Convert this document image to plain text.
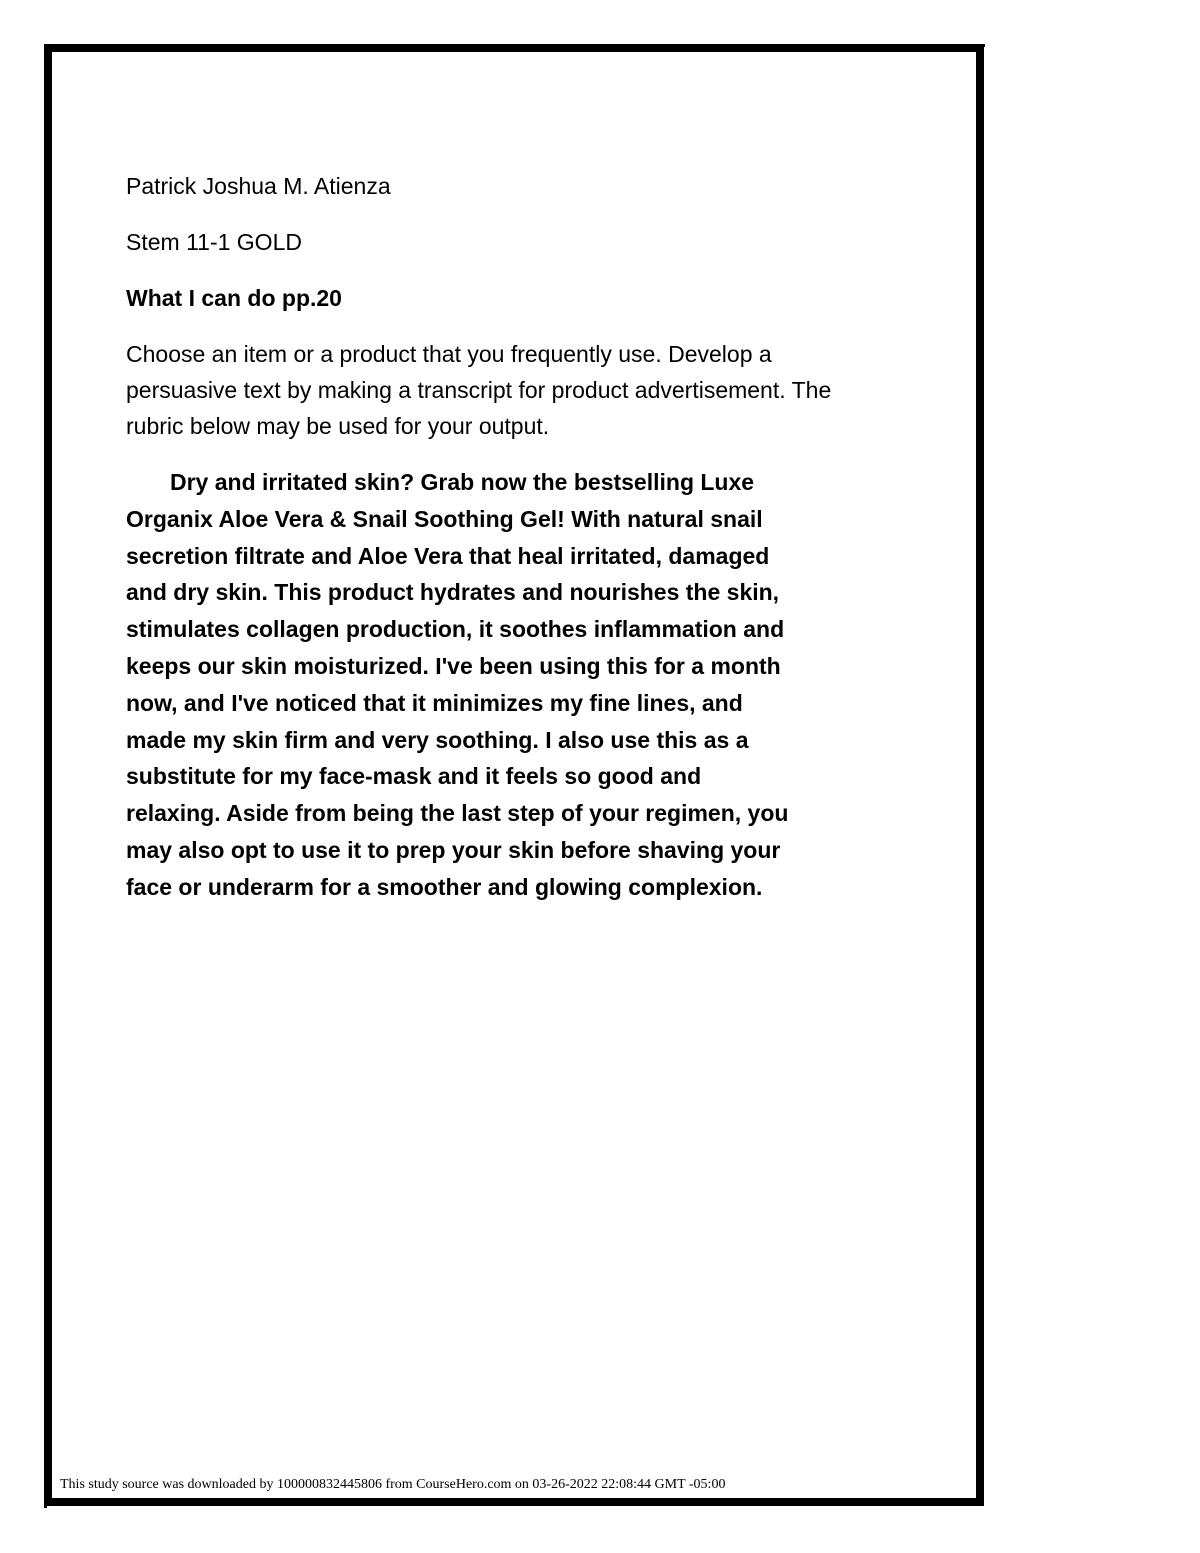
Patrick Joshua M. Atienza

Stem 11-1 GOLD

What I can do pp.20

Choose an item or a product that you frequently use. Develop a persuasive text by making a transcript for product advertisement. The rubric below may be used for your output.

Dry and irritated skin? Grab now the bestselling Luxe Organix Aloe Vera & Snail Soothing Gel! With natural snail secretion filtrate and Aloe Vera that heal irritated, damaged and dry skin. This product hydrates and nourishes the skin, stimulates collagen production, it soothes inflammation and keeps our skin moisturized. I've been using this for a month now, and I've noticed that it minimizes my fine lines, and made my skin firm and very soothing. I also use this as a substitute for my face-mask and it feels so good and relaxing. Aside from being the last step of your regimen, you may also opt to use it to prep your skin before shaving your face or underarm for a smoother and glowing complexion.

This study source was downloaded by 100000832445806 from CourseHero.com on 03-26-2022 22:08:44 GMT -05:00
